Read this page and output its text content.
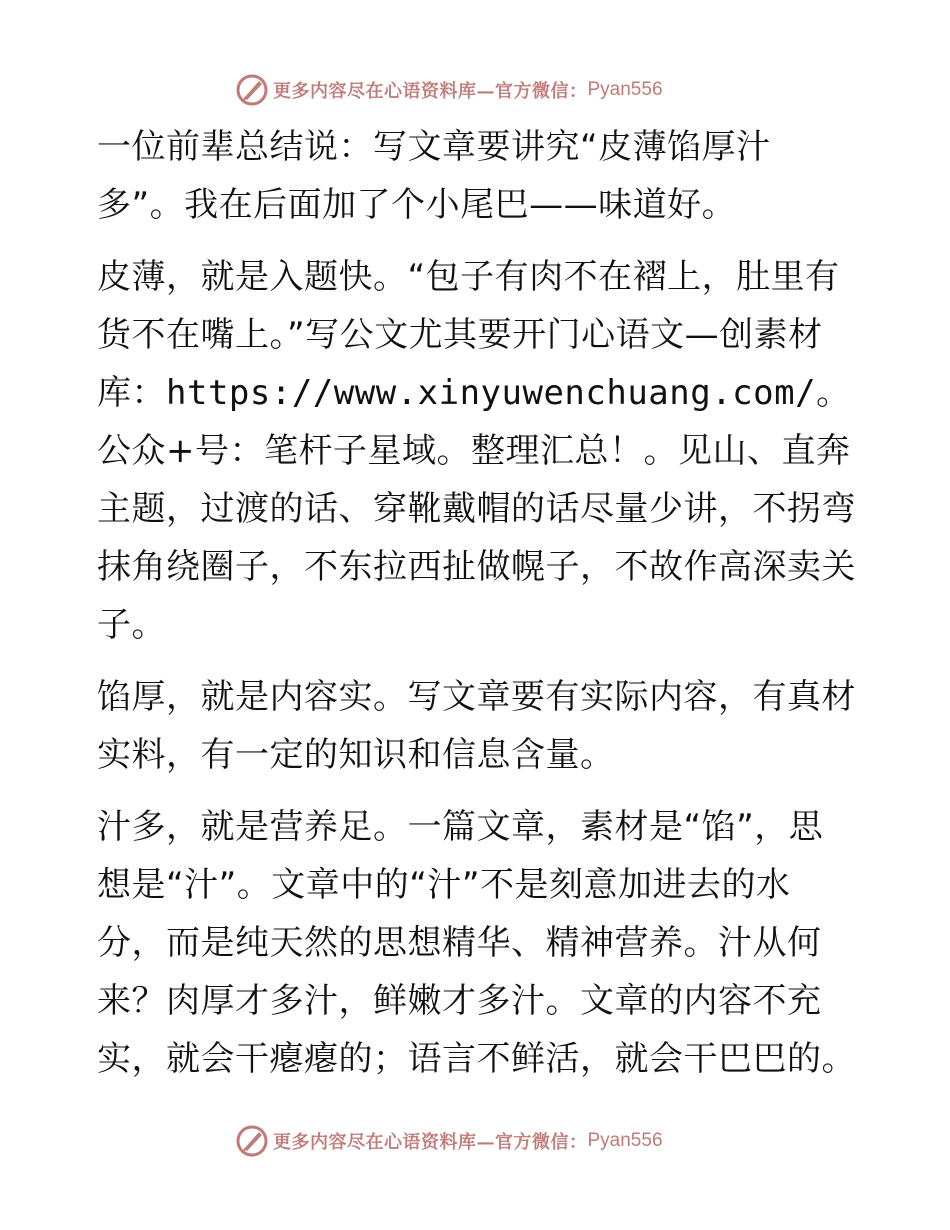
更多内容尽在心语资料库—官方微信： Pyan556

一位前辈总结说：写文章要讲究“皮薄馅厚汁多”。我在后面加了个小尾巴——味道好。

皮薄，就是入题快。“包子有肉不在褶上，肚里有货不在嘴上。”写公文尤其要开门心语文—创素材库：https://www.xinyuwenchuang.com/。公众+号：笔杆子星域。整理汇总！。见山、直奔主题，过渡的话、穿靴戴帽的话尽量少讲，不拐弯抹角绕圈子，不东拉西扯做幌子，不故作高深卖关子。

馅厚，就是内容实。写文章要有实际内容，有真材实料，有一定的知识和信息含量。

汁多，就是营养足。一篇文章，素材是“馅”，思想是“汁”。文章中的“汁”不是刻意加进去的水分，而是纯天然的思想精华、精神营养。汁从何来？肉厚才多汁，鲜嫩才多汁。文章的内容不充实，就会干瘪瘪的；语言不鲜活，就会干巴巴的。

更多内容尽在心语资料库—官方微信： Pyan556
